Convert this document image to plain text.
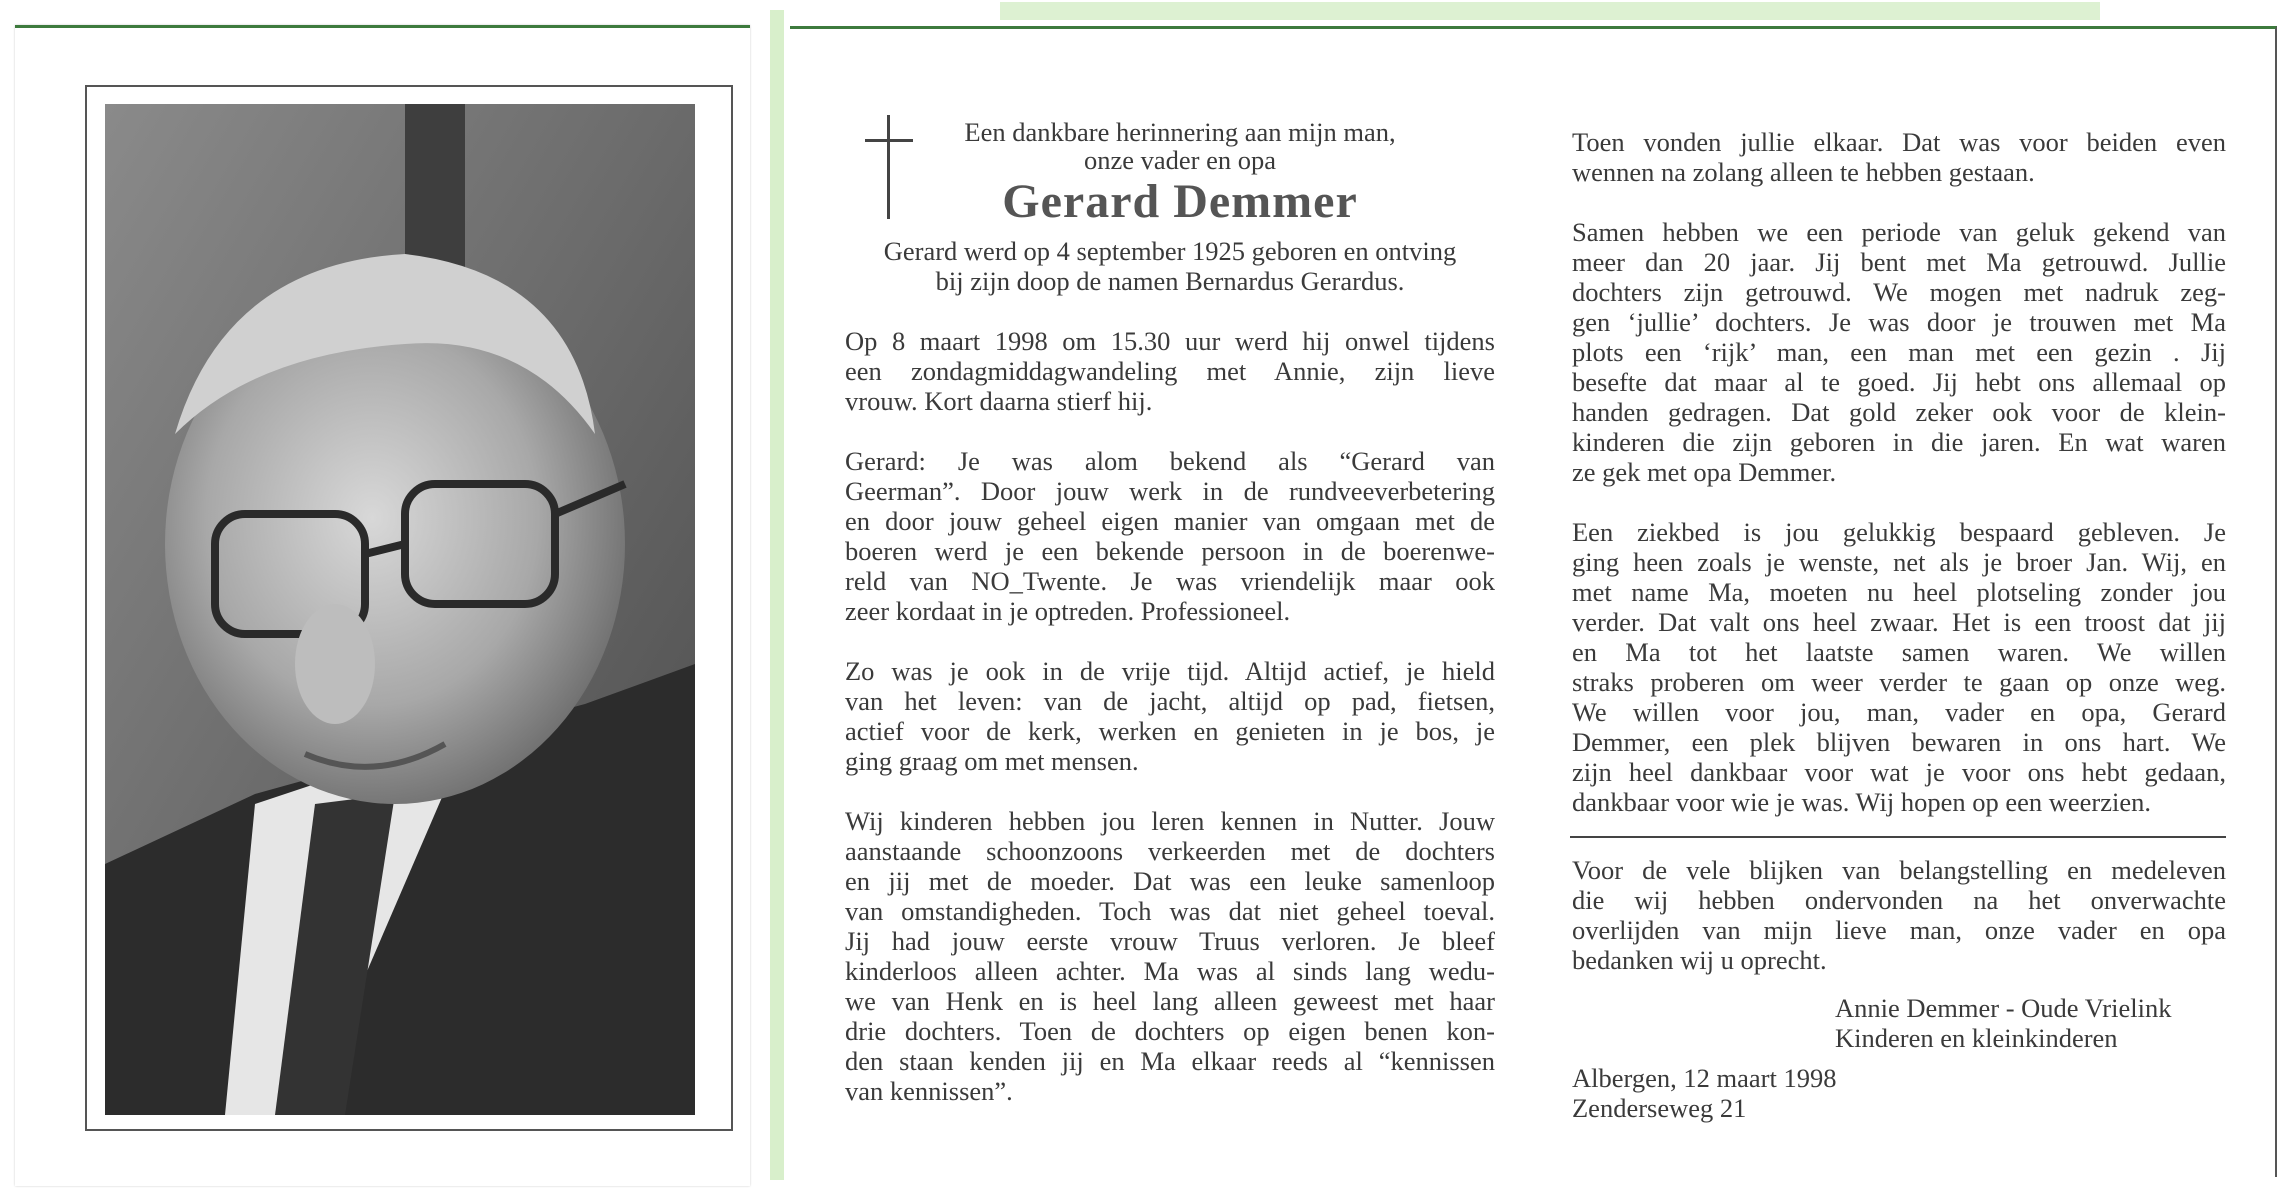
Een dankbare herinnering aan mijn man,
onze vader en opa
Gerard Demmer
Gerard werd op 4 september 1925 geboren en ontving
bij zijn doop de namen Bernardus Gerardus.
Op 8 maart 1998 om 15.30 uur werd hij onwel tijdens
een zondagmiddagwandeling met Annie, zijn lieve
vrouw. Kort daarna stierf hij.
Gerard: Je was alom bekend als “Gerard van
Geerman”. Door jouw werk in de rundveeverbetering
en door jouw geheel eigen manier van omgaan met de
boeren werd je een bekende persoon in de boerenwe-
reld van NO_Twente. Je was vriendelijk maar ook
zeer kordaat in je optreden. Professioneel.
Zo was je ook in de vrije tijd. Altijd actief, je hield
van het leven: van de jacht, altijd op pad, fietsen,
actief voor de kerk, werken en genieten in je bos, je
ging graag om met mensen.
Wij kinderen hebben jou leren kennen in Nutter. Jouw
aanstaande schoonzoons verkeerden met de dochters
en jij met de moeder. Dat was een leuke samenloop
van omstandigheden. Toch was dat niet geheel toeval.
Jij had jouw eerste vrouw Truus verloren. Je bleef
kinderloos alleen achter. Ma was al sinds lang wedu-
we van Henk en is heel lang alleen geweest met haar
drie dochters. Toen de dochters op eigen benen kon-
den staan kenden jij en Ma elkaar reeds al “kennissen
van kennissen”.
Toen vonden jullie elkaar. Dat was voor beiden even
wennen na zolang alleen te hebben gestaan.
Samen hebben we een periode van geluk gekend van
meer dan 20 jaar. Jij bent met Ma getrouwd. Jullie
dochters zijn getrouwd. We mogen met nadruk zeg-
gen ‘jullie’ dochters. Je was door je trouwen met Ma
plots een ‘rijk’ man, een man met een gezin . Jij
besefte dat maar al te goed. Jij hebt ons allemaal op
handen gedragen. Dat gold zeker ook voor de klein-
kinderen die zijn geboren in die jaren. En wat waren
ze gek met opa Demmer.
Een ziekbed is jou gelukkig bespaard gebleven. Je
ging heen zoals je wenste, net als je broer Jan. Wij, en
met name Ma, moeten nu heel plotseling zonder jou
verder. Dat valt ons heel zwaar. Het is een troost dat jij
en Ma tot het laatste samen waren. We willen
straks proberen om weer verder te gaan op onze weg.
We willen voor jou, man, vader en opa, Gerard
Demmer, een plek blijven bewaren in ons hart. We
zijn heel dankbaar voor wat je voor ons hebt gedaan,
dankbaar voor wie je was. Wij hopen op een weerzien.
Voor de vele blijken van belangstelling en medeleven
die wij hebben ondervonden na het onverwachte
overlijden van mijn lieve man, onze vader en opa
bedanken wij u oprecht.
Annie Demmer - Oude Vrielink
Kinderen en kleinkinderen
Albergen, 12 maart 1998
Zenderseweg 21
